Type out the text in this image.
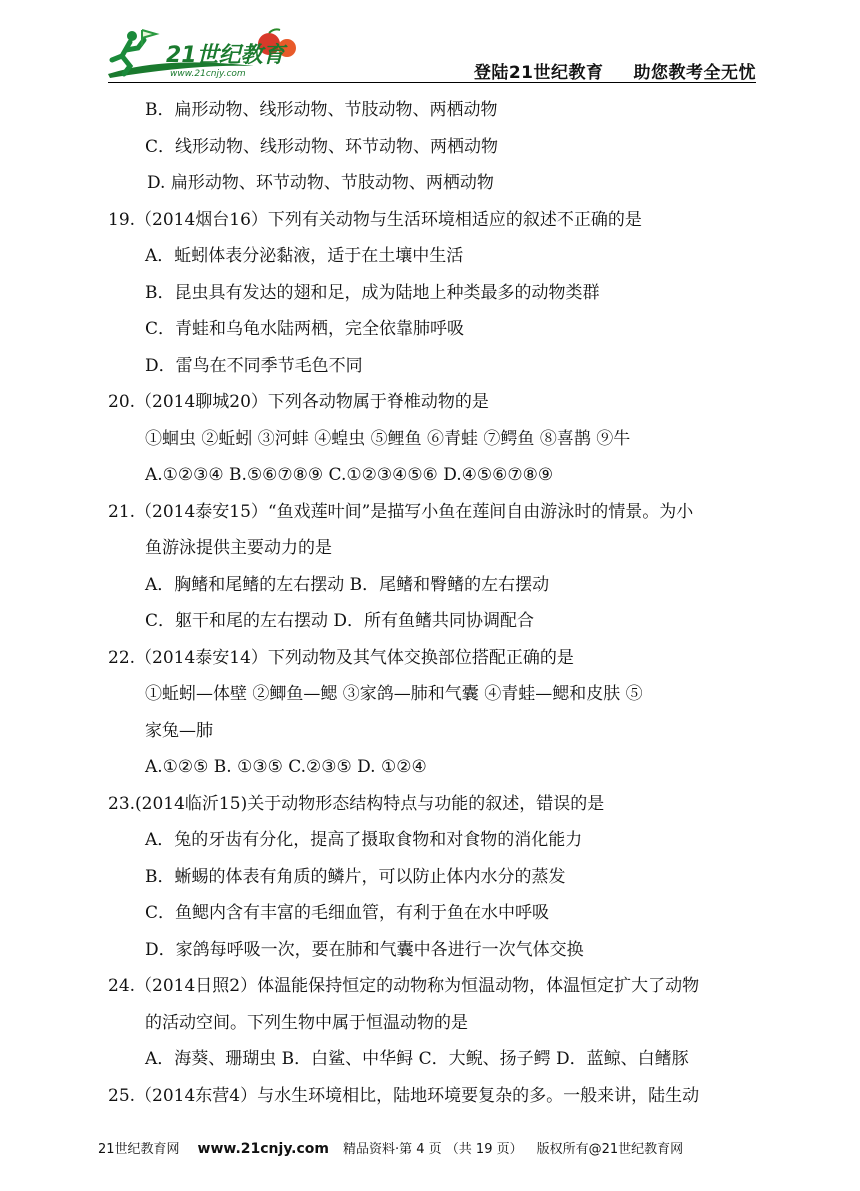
21世纪教育
www.21cnjy.com	登陆21世纪教育 助您教考全无忧
B．扁形动物、线形动物、节肢动物、两栖动物
C．线形动物、线形动物、环节动物、两栖动物
D. 扁形动物、环节动物、节肢动物、两栖动物
19.（2014烟台16）下列有关动物与生活环境相适应的叙述不正确的是
A．蚯蚓体表分泌黏液，适于在土壤中生活
B．昆虫具有发达的翅和足，成为陆地上种类最多的动物类群
C．青蛙和乌龟水陆两栖，完全依靠肺呼吸
D．雷鸟在不同季节毛色不同
20.（2014聊城20）下列各动物属于脊椎动物的是
①蛔虫 ②蚯蚓 ③河蚌 ④蝗虫 ⑤鲤鱼 ⑥青蛙 ⑦鳄鱼 ⑧喜鹊 ⑨牛
A.①②③④ B.⑤⑥⑦⑧⑨ C.①②③④⑤⑥ D.④⑤⑥⑦⑧⑨
21.（2014泰安15）“鱼戏莲叶间”是描写小鱼在莲间自由游泳时的情景。为小
鱼游泳提供主要动力的是
A．胸鳍和尾鳍的左右摆动 B．尾鳍和臀鳍的左右摆动
C．躯干和尾的左右摆动 D．所有鱼鳍共同协调配合
22.（2014泰安14）下列动物及其气体交换部位搭配正确的是
①蚯蚓—体壁 ②鲫鱼—鳃 ③家鸽—肺和气囊 ④青蛙—鳃和皮肤 ⑤
家兔—肺
A.①②⑤ B. ①③⑤ C.②③⑤ D. ①②④
23.(2014临沂15)关于动物形态结构特点与功能的叙述，错误的是
A．兔的牙齿有分化，提高了摄取食物和对食物的消化能力
B．蜥蜴的体表有角质的鳞片，可以防止体内水分的蒸发
C．鱼鳃内含有丰富的毛细血管，有利于鱼在水中呼吸
D．家鸽每呼吸一次，要在肺和气囊中各进行一次气体交换
24.（2014日照2）体温能保持恒定的动物称为恒温动物，体温恒定扩大了动物
的活动空间。下列生物中属于恒温动物的是
A．海葵、珊瑚虫 B．白鲨、中华鲟 C．大鲵、扬子鳄 D．蓝鲸、白鳍豚
25.（2014东营4）与水生环境相比，陆地环境要复杂的多。一般来讲，陆生动
21世纪教育网 www.21cnjy.com 精品资料·第 4 页 （共 19 页） 版权所有@21世纪教育网
